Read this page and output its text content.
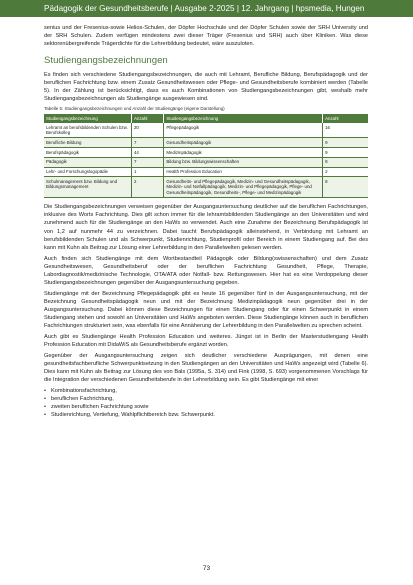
Pädagogik der Gesundheitsberufe | Ausgabe 2-2025 | 12. Jahrgang | hpsmedia, Hungen

senius und der Fresenius-sowie Helios-Schulen, der Döpfer Hochschule und der Döpfer Schulen sowie der SRH University und der SRH Schulen. Zudem verfügen mindestens zwei dieser Träger (Fresenius und SRH) auch über Kliniken. Was diese sektorenübergreifende Trägerdichte für die Lehrerbildung bedeutet, wäre auszuloten.

Studiengangsbezeichnungen

Es finden sich verschiedene Studiengangsbezeichnungen, die auch mit Lehramt, Berufliche Bildung, Berufspädagogik und der beruflichen Fachrichtung bzw. einem Zusatz Gesundheitswesen oder Pflege- und Gesundheitsberufe kombiniert werden (Tabelle 5). In der Zählung ist berücksichtigt, dass es auch Kombinationen von Studiengangsbezeichnungen gibt, weshalb mehr Studiengangsbezeichnungen als Studiengänge ausgewiesen sind.

Tabelle 5: Studiengangsbezeichnungen und Anzahl der Studiengänge (eigene Darstellung)
Studiengangsbezeichnung	Anzahl	Studiengangsbezeichnung	Anzahl
Lehramt an berufsbildenden Schulen bzw. Berufskolleg	20	Pflegepädagogik	16
Berufliche Bildung	7	Gesundheitspädagogik	9
Berufspädagogik	44	Medizinpädagogik	9
Pädagogik	7	Bildung bzw. Bildungswissenschaften	8
Lehr- und Forschungslogopädie	1	Health Profession Education	2
Schulmanagement bzw. Bildung und Bildungsmanagement	2	Gesundheits- und Pflegepädagogik, Medizin- und Gesundheitspädagogik, Medizin- und Notfallpädagogik, Medizin- und Pflegepädagogik, Pflege- und Gesundheitspädagogik, Gesundheits-, Pflege- und Medizinpädagogik	8

Die Studiengangsbezeichnungen verweisen gegenüber der Ausgangsuntersuchung deutlicher auf die beruflichen Fachrichtungen, inklusive des Worts Fachrichtung. Dies gilt schon immer für die lehramtsbildenden Studiengänge an den Universitäten und wird zunehmend auch für die Studiengänge an den HaWs so verwendet. Auch eine Zunahme der Bezeichnung Berufspädagogik ist von 1,2 auf nunmehr 44 zu verzeichnen. Dabei taucht Berufspädagogik alleinstehend, in Verbindung mit Lehramt an berufsbildenden Schulen und als Schwerpunkt, Studienrichtung, Studienprofil oder Bereich in einem Studiengang auf. Bei des kann mit Kuhn als Beitrag zur Lösung einer Lehrerbildung in den Parallelwelten gelesen werden.

Auch finden sich Studiengänge mit dem Wortbestandteil Pädagogik oder Bildung(swissenschaften) und dem Zusatz Gesundheitswesen, Gesundheitsberuf oder der beruflichen Fachrichtung Gesundheit, Pflege, Therapie, Labordiagnostik/medizinische Technologie, OTA/ATA oder Notfall- bzw. Rettungswesen. Hier hat es eine Verdoppelung dieser Studiengangsbezeichnungen gegenüber der Ausgangsuntersuchung gegeben.

Studiengänge mit der Bezeichnung Pflegepädagogik gibt es heute 16 gegenüber fünf in der Ausgangsuntersuchung, mit der Bezeichnung Gesundheitspädagogik neun und mit der Bezeichnung Medizinpädagogik neun gegenüber drei in der Ausgangsuntersuchung. Dabei können diese Bezeichnungen für einen Studiengang oder für einen Schwerpunkt in einem Studiengang stehen und sowohl an Universitäten und HaWs angeboten werden. Diese Studiengänge können auch in beruflichen Fachrichtungen strukturiert sein, was ebenfalls für eine Annäherung der Lehrerbildung in den Parallelwelten zu sprechen scheint.

Auch gibt es Studiengänge Health Profession Education und weiteres. Jüngst ist in Berlin der Masterstudiengang Health Profession Education mit DidaWiS als Gesundheitsberufe ergänzt worden.

Gegenüber der Ausgangsuntersuchung zeigen sich deutlicher verschiedene Ausprägungen, mit denen eine gesundheitsfachberufliche Schwerpunktsetzung in den Studiengängen an den Universitäten und HaWs angezeigt wird (Tabelle 6). Dies kann mit Kuhn als Beitrag zur Lösung des von Bals (1995a, S. 314) und Fink (1998, S. 693) vorgenommenen Vorschlags für die Integration der verschiedenen Gesundheitsberufe in der Lehrerbildung sein. Es gibt Studiengänge mit einer

• Kombinationsfachrichtung,
• beruflichen Fachrichtung,
• zweiten beruflichen Fachrichtung sowie
• Studienrichtung, Vertiefung, Wahlpflichtbereich bzw. Schwerpunkt.
73
